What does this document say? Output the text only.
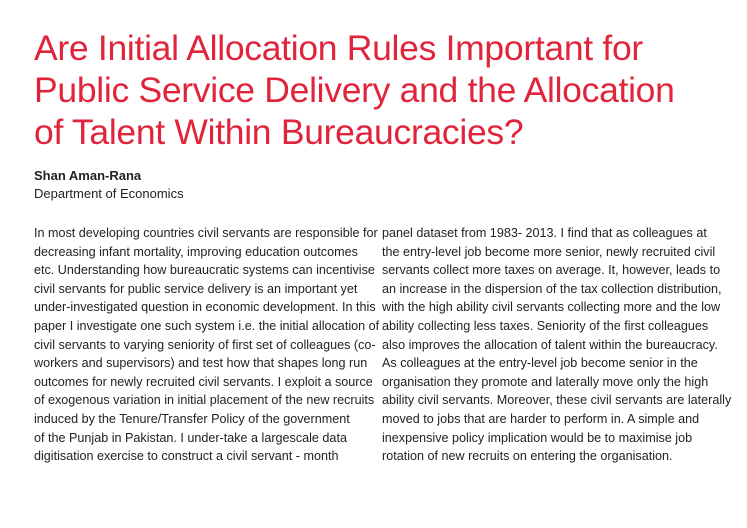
Are Initial Allocation Rules Important for
Public Service Delivery and the Allocation
of Talent Within Bureaucracies?
Shan Aman-Rana
Department of Economics
In most developing countries civil servants are responsible for
decreasing infant mortality, improving education outcomes
etc. Understanding how bureaucratic systems can incentivise
civil servants for public service delivery is an important yet
under-investigated question in economic development. In this
paper I investigate one such system i.e. the initial allocation of
civil servants to varying seniority of first set of colleagues (co-
workers and supervisors) and test how that shapes long run
outcomes for newly recruited civil servants. I exploit a source
of exogenous variation in initial placement of the new recruits
induced by the Tenure/Transfer Policy of the government
of the Punjab in Pakistan. I under-take a largescale data
digitisation exercise to construct a civil servant - month
panel dataset from 1983- 2013. I find that as colleagues at
the entry-level job become more senior, newly recruited civil
servants collect more taxes on average. It, however, leads to
an increase in the dispersion of the tax collection distribution,
with the high ability civil servants collecting more and the low
ability collecting less taxes. Seniority of the first colleagues
also improves the allocation of talent within the bureaucracy.
As colleagues at the entry-level job become senior in the
organisation they promote and laterally move only the high
ability civil servants. Moreover, these civil servants are laterally
moved to jobs that are harder to perform in. A simple and
inexpensive policy implication would be to maximise job
rotation of new recruits on entering the organisation.
